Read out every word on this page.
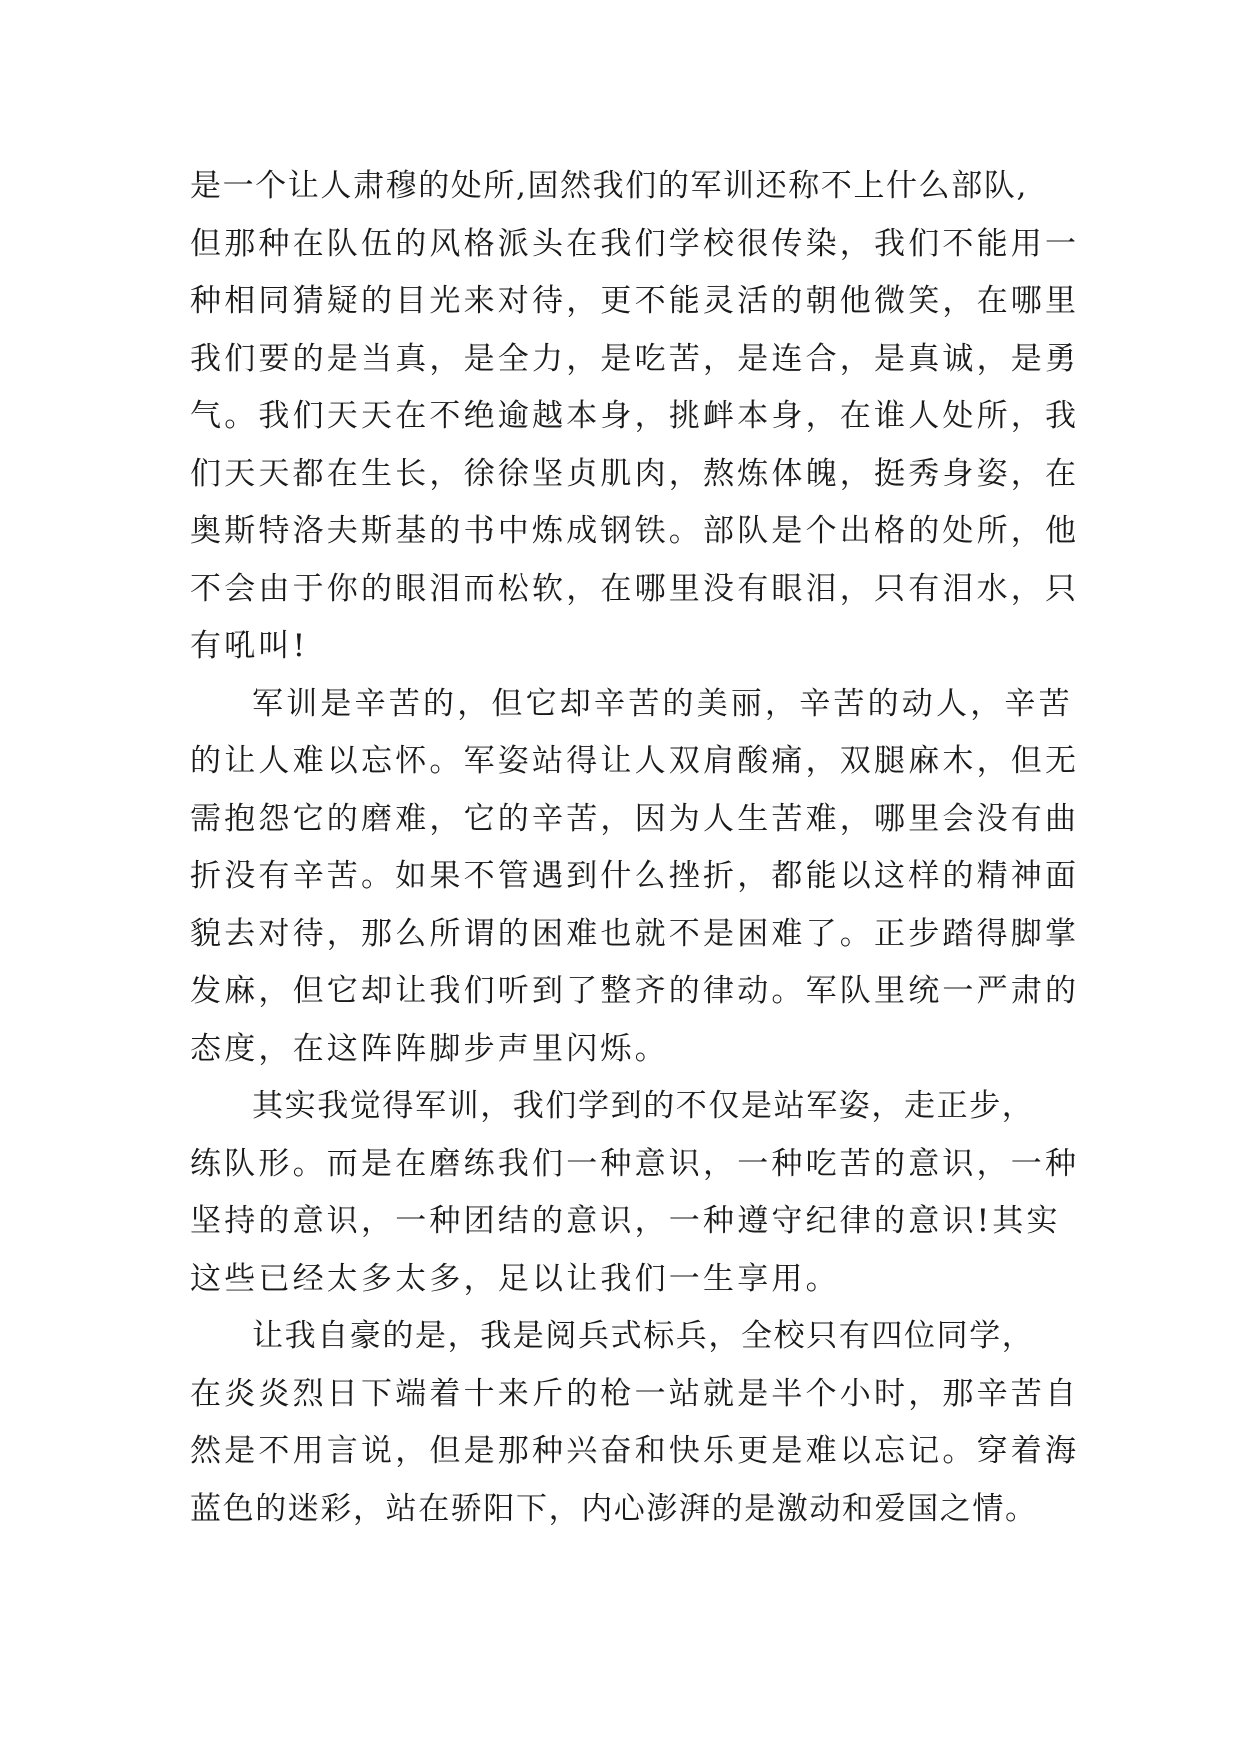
是一个让人肃穆的处所,固然我们的军训还称不上什么部队,
但那种在队伍的风格派头在我们学校很传染，我们不能用一
种相同猜疑的目光来对待，更不能灵活的朝他微笑，在哪里
我们要的是当真，是全力，是吃苦，是连合，是真诚，是勇
气。我们天天在不绝逾越本身，挑衅本身，在谁人处所，我
们天天都在生长，徐徐坚贞肌肉，熬炼体魄，挺秀身姿，在
奥斯特洛夫斯基的书中炼成钢铁。部队是个出格的处所，他
不会由于你的眼泪而松软，在哪里没有眼泪，只有泪水，只
有吼叫!
军训是辛苦的，但它却辛苦的美丽，辛苦的动人，辛苦
的让人难以忘怀。军姿站得让人双肩酸痛，双腿麻木，但无
需抱怨它的磨难，它的辛苦，因为人生苦难，哪里会没有曲
折没有辛苦。如果不管遇到什么挫折，都能以这样的精神面
貌去对待，那么所谓的困难也就不是困难了。正步踏得脚掌
发麻，但它却让我们听到了整齐的律动。军队里统一严肃的
态度，在这阵阵脚步声里闪烁。
其实我觉得军训，我们学到的不仅是站军姿，走正步，
练队形。而是在磨练我们一种意识，一种吃苦的意识，一种
坚持的意识，一种团结的意识，一种遵守纪律的意识!其实
这些已经太多太多，足以让我们一生享用。
让我自豪的是，我是阅兵式标兵，全校只有四位同学，
在炎炎烈日下端着十来斤的枪一站就是半个小时，那辛苦自
然是不用言说，但是那种兴奋和快乐更是难以忘记。穿着海
蓝色的迷彩，站在骄阳下，内心澎湃的是激动和爱国之情。
